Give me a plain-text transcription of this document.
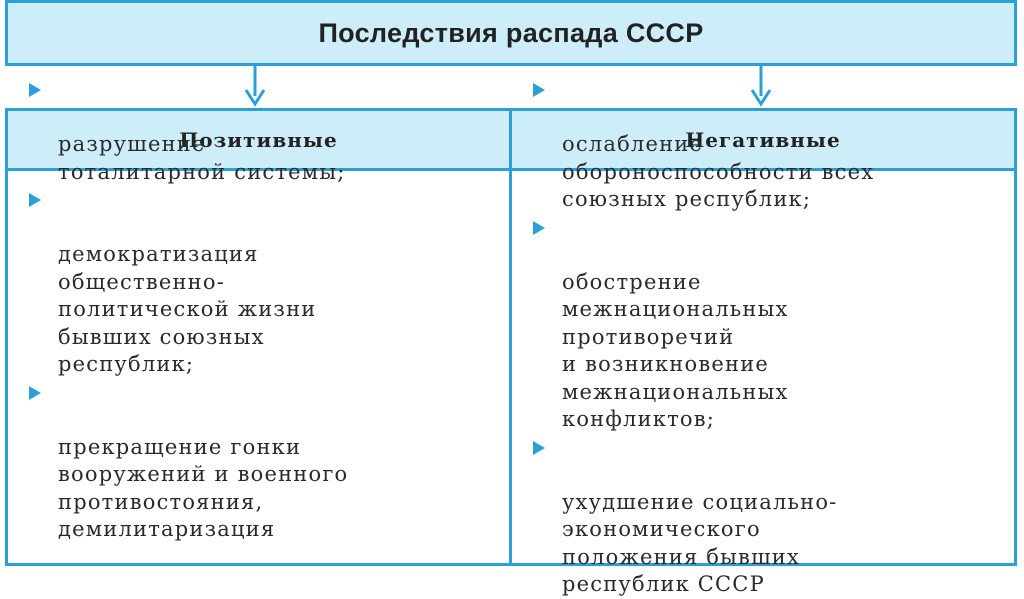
Последствия распада СССР
Позитивные	Негативные

разрушение
тоталитарной системы;

демократизация
общественно-
политической жизни
бывших союзных
республик;

прекращение гонки
вооружений и военного
противостояния,
демилитаризация

ослабление
обороноспособности всех
союзных республик;

обострение
межнациональных
противоречий
и возникновение
межнациональных
конфликтов;

ухудшение социально-
экономического
положения бывших
республик СССР
